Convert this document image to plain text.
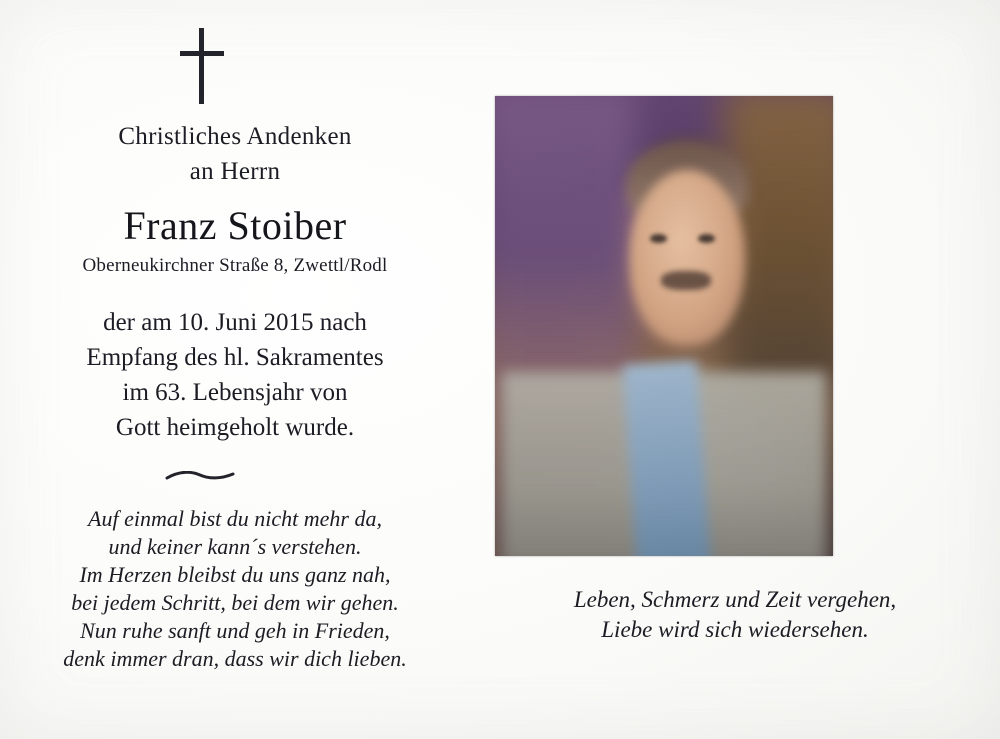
Christliches Andenken
an Herrn
Franz Stoiber
Oberneukirchner Straße 8, Zwettl/Rodl
der am 10. Juni 2015 nach
Empfang des hl. Sakramentes
im 63. Lebensjahr von
Gott heimgeholt wurde.
Auf einmal bist du nicht mehr da,
und keiner kann´s verstehen.
Im Herzen bleibst du uns ganz nah,
bei jedem Schritt, bei dem wir gehen.
Nun ruhe sanft und geh in Frieden,
denk immer dran, dass wir dich lieben.
Leben, Schmerz und Zeit vergehen,
Liebe wird sich wiedersehen.
